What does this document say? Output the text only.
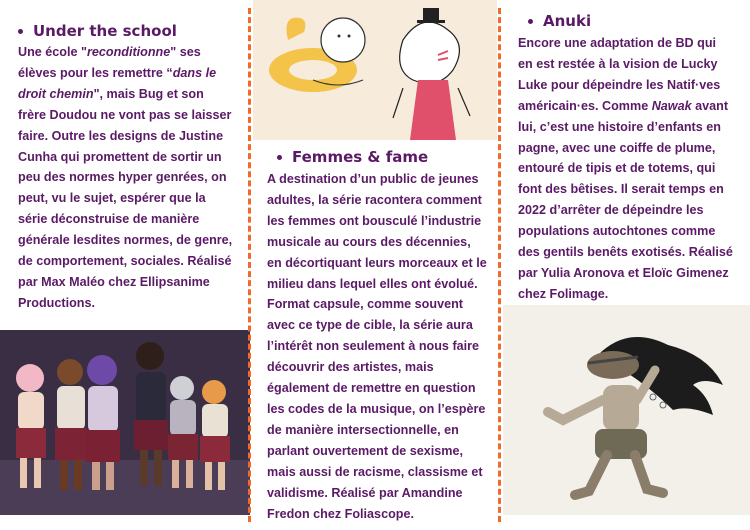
Under the school
Une école "reconditionne" ses élèves pour les remettre “dans le droit chemin", mais Bug et son frère Doudou ne vont pas se laisser faire. Outre les designs de Justine Cunha qui promettent de sortir un peu des normes hyper genrées, on peut, vu le sujet, espérer que la série déconstruise de manière générale lesdites normes, de genre, de comportement, sociales. Réalisé par Max Maléo chez Ellipsanime Productions.
Femmes & fame
A destination d’un public de jeunes adultes, la série racontera comment les femmes ont bousculé l’industrie musicale au cours des décennies, en décortiquant leurs morceaux et le milieu dans lequel elles ont évolué. Format capsule, comme souvent avec ce type de cible, la série aura l’intérêt non seulement à nous faire découvrir des artistes, mais également de remettre en question les codes de la musique, on l’espère de manière intersectionnelle, en parlant ouvertement de sexisme, mais aussi de racisme, classisme et validisme. Réalisé par Amandine Fredon chez Foliascope.
Anuki
Encore une adaptation de BD qui en est restée à la vision de Lucky Luke pour dépeindre les Natif·ves américain·es. Comme Nawak avant lui, c’est une histoire d’enfants en pagne, avec une coiffe de plume, entouré de tipis et de totems, qui font des bêtises. Il serait temps en 2022 d’arrêter de dépeindre les populations autochtones comme des gentils benêts exotisés. Réalisé par Yulia Aronova et Eloïc Gimenez chez Folimage.
